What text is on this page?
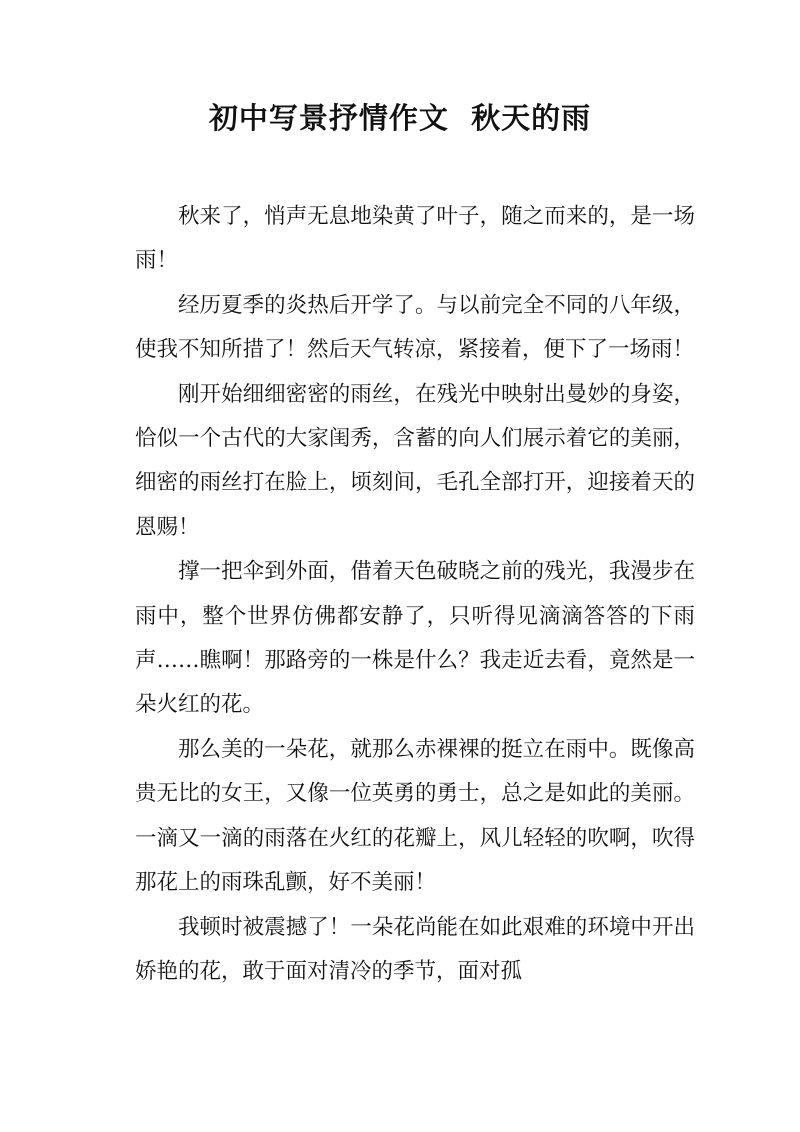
初中写景抒情作文  秋天的雨

秋来了，悄声无息地染黄了叶子，随之而来的，是一场雨！

经历夏季的炎热后开学了。与以前完全不同的八年级，使我不知所措了！然后天气转凉，紧接着，便下了一场雨！

刚开始细细密密的雨丝，在残光中映射出曼妙的身姿，恰似一个古代的大家闺秀，含蓄的向人们展示着它的美丽，细密的雨丝打在脸上，顷刻间，毛孔全部打开，迎接着天的恩赐！

撑一把伞到外面，借着天色破晓之前的残光，我漫步在雨中，整个世界仿佛都安静了，只听得见滴滴答答的下雨声……瞧啊！那路旁的一株是什么？我走近去看，竟然是一朵火红的花。

那么美的一朵花，就那么赤裸裸的挺立在雨中。既像高贵无比的女王，又像一位英勇的勇士，总之是如此的美丽。一滴又一滴的雨落在火红的花瓣上，风儿轻轻的吹啊，吹得那花上的雨珠乱颤，好不美丽！

我顿时被震撼了！一朵花尚能在如此艰难的环境中开出娇艳的花，敢于面对清冷的季节，面对孤
